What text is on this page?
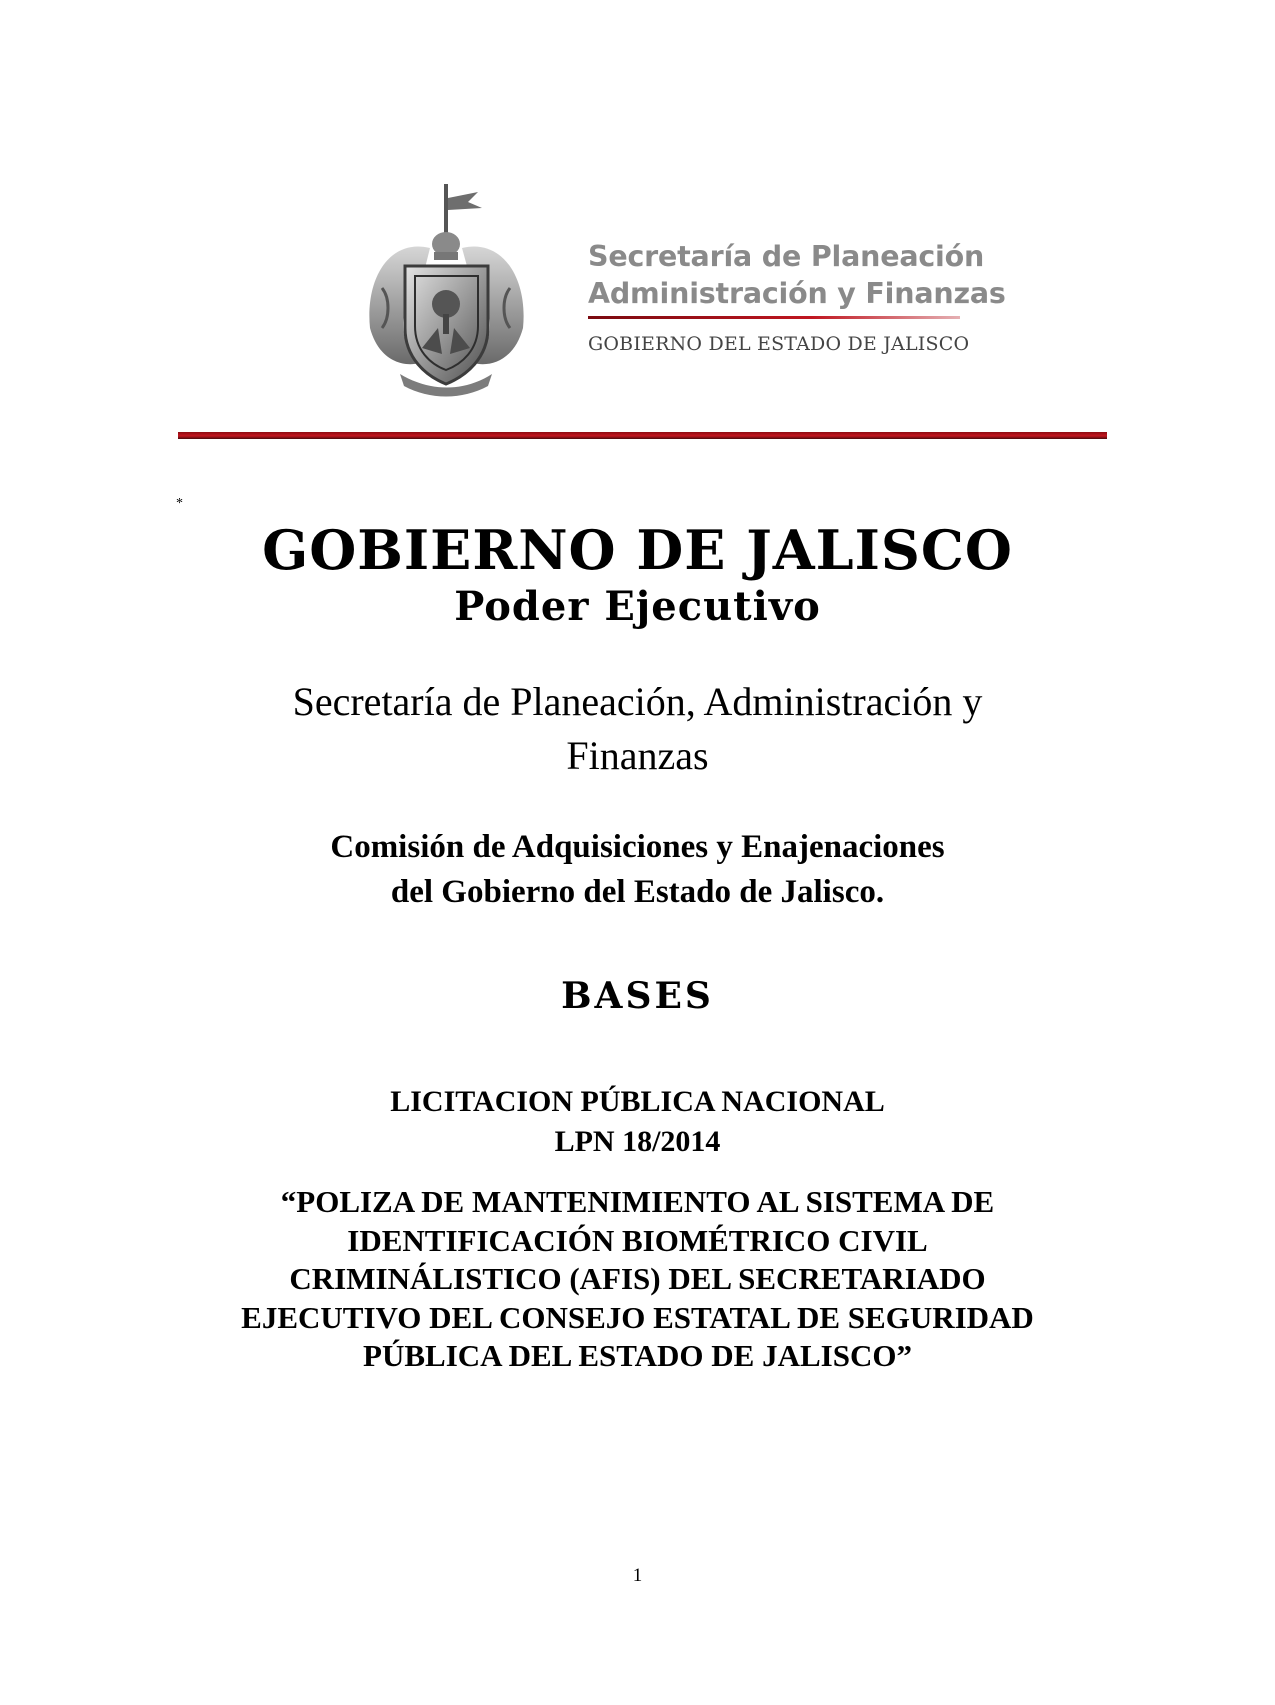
Secretaría de Planeación
Administración y Finanzas
GOBIERNO DEL ESTADO DE JALISCO
*
GOBIERNO DE JALISCO
Poder Ejecutivo
Secretaría de Planeación, Administración y
Finanzas
Comisión de Adquisiciones y Enajenaciones
del Gobierno del Estado de Jalisco.
BASES
LICITACION PÚBLICA NACIONAL
LPN 18/2014
“POLIZA DE MANTENIMIENTO AL SISTEMA DE
IDENTIFICACIÓN BIOMÉTRICO CIVIL
CRIMINÁLISTICO (AFIS) DEL SECRETARIADO
EJECUTIVO DEL CONSEJO ESTATAL DE SEGURIDAD
PÚBLICA DEL ESTADO DE JALISCO”
1
